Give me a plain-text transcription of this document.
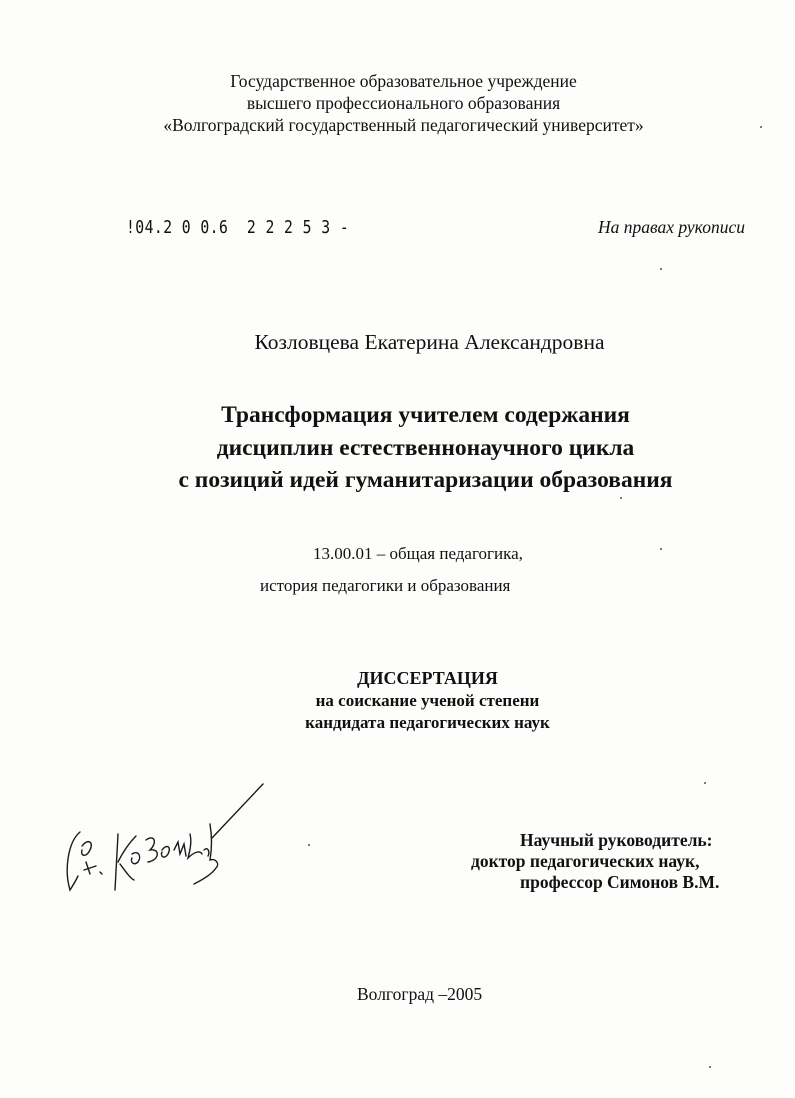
Государственное образовательное учреждение
высшего профессионального образования
«Волгоградский государственный педагогический университет»
!04.2 0 0.6  2 2 2 5 3 -	На правах рукописи
Козловцева Екатерина Александровна
Трансформация учителем содержания
дисциплин естественнонаучного цикла
с позиций идей гуманитаризации образования
13.00.01 – общая педагогика,
история педагогики и образования
ДИССЕРТАЦИЯ
на соискание ученой степени
кандидата педагогических наук
Научный руководитель:
доктор педагогических наук,
профессор Симонов В.М.
Волгоград –2005
